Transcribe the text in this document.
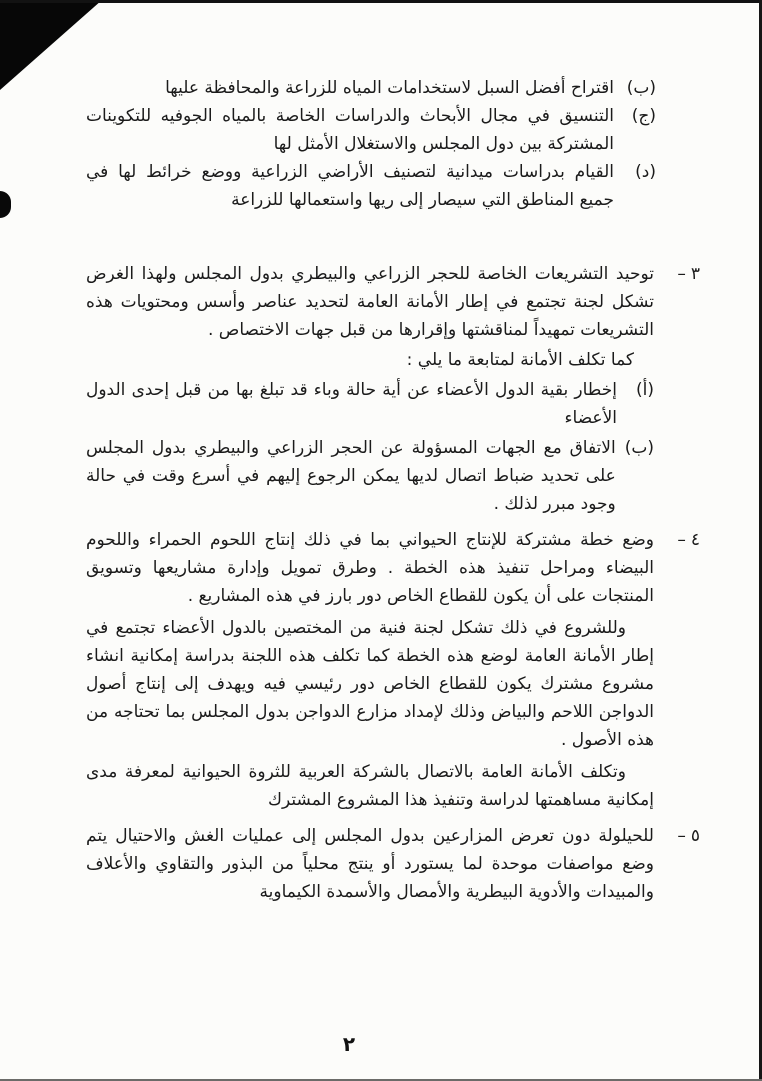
(ب)
اقتراح أفضل السبل لاستخدامات المياه للزراعة والمحافظة عليها
(ج)
التنسيق في مجال الأبحاث والدراسات الخاصة بالمياه الجوفيه للتكوينات المشتركة بين دول المجلس والاستغلال الأمثل لها
(د)
القيام بدراسات ميدانية لتصنيف الأراضي الزراعية ووضع خرائط لها في جميع المناطق التي سيصار إلى ريها واستعمالها للزراعة
٣–

توحيد التشريعات الخاصة للحجر الزراعي والبيطري بدول المجلس ولهذا الغرض تشكل لجنة تجتمع في إطار الأمانة العامة لتحديد عناصر وأسس ومحتويات هذه التشريعات تمهيداً لمناقشتها وإقرارها من قبل جهات الاختصاص .

كما تكلف الأمانة لمتابعة ما يلي :

(أ)
إخطار بقية الدول الأعضاء عن أية حالة وباء قد تبلغ بها من قبل إحدى الدول الأعضاء
(ب)
الاتفاق مع الجهات المسؤولة عن الحجر الزراعي والبيطري بدول المجلس على تحديد ضباط اتصال لديها يمكن الرجوع إليهم في أسرع وقت في حالة وجود مبرر لذلك .
٤–

وضع خطة مشتركة للإنتاج الحيواني بما في ذلك إنتاج اللحوم الحمراء واللحوم البيضاء ومراحل تنفيذ هذه الخطة . وطرق تمويل وإدارة مشاريعها وتسويق المنتجات على أن يكون للقطاع الخاص دور بارز في هذه المشاريع .

وللشروع في ذلك تشكل لجنة فنية من المختصين بالدول الأعضاء تجتمع في إطار الأمانة العامة لوضع هذه الخطة كما تكلف هذه اللجنة بدراسة إمكانية انشاء مشروع مشترك يكون للقطاع الخاص دور رئيسي فيه ويهدف إلى إنتاج أصول الدواجن اللاحم والبياض وذلك لإمداد مزارع الدواجن بدول المجلس بما تحتاجه من هذه الأصول .

وتكلف الأمانة العامة بالاتصال بالشركة العربية للثروة الحيوانية لمعرفة مدى إمكانية مساهمتها لدراسة وتنفيذ هذا المشروع المشترك

٥–

للحيلولة دون تعرض المزارعين بدول المجلس إلى عمليات الغش والاحتيال يتم وضع مواصفات موحدة لما يستورد أو ينتج محلياً من البذور والتقاوي والأعلاف والمبيدات والأدوية البيطرية والأمصال والأسمدة الكيماوية

٢
